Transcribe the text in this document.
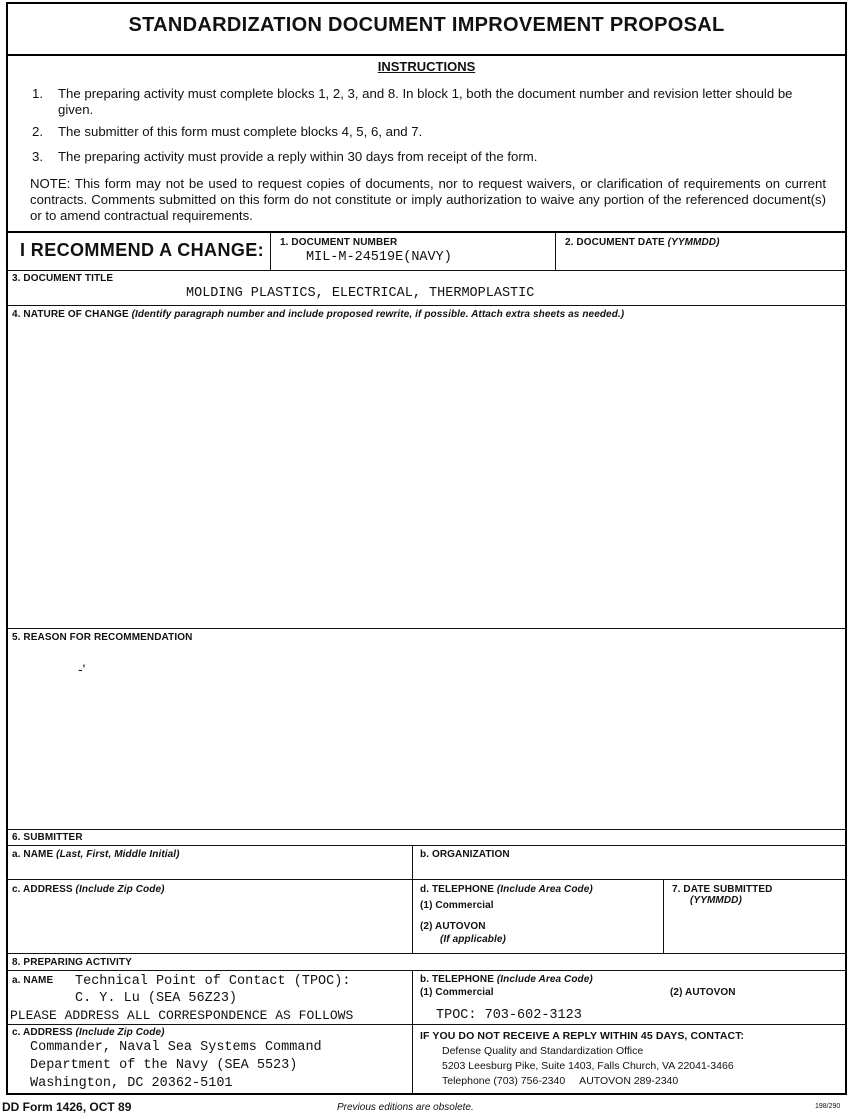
STANDARDIZATION DOCUMENT IMPROVEMENT PROPOSAL
INSTRUCTIONS
1. The preparing activity must complete blocks 1, 2, 3, and 8. In block 1, both the document number and revision letter should be given.
2. The submitter of this form must complete blocks 4, 5, 6, and 7.
3. The preparing activity must provide a reply within 30 days from receipt of the form.
NOTE: This form may not be used to request copies of documents, nor to request waivers, or clarification of requirements on current contracts. Comments submitted on this form do not constitute or imply authorization to waive any portion of the referenced document(s) or to amend contractual requirements.
I RECOMMEND A CHANGE: 1. DOCUMENT NUMBER
MIL-M-24519E(NAVY)
2. DOCUMENT DATE (YYMMDD)
3. DOCUMENT TITLE
MOLDING PLASTICS, ELECTRICAL, THERMOPLASTIC
4. NATURE OF CHANGE (Identify paragraph number and include proposed rewrite, if possible. Attach extra sheets as needed.)
5. REASON FOR RECOMMENDATION
-'
6. SUBMITTER
a. NAME (Last, First, Middle Initial)	b. ORGANIZATION
c. ADDRESS (Include Zip Code)	d. TELEPHONE (Include Area Code)
(1) Commercial
(2) AUTOVON
(If applicable)
7. DATE SUBMITTED
(YYMMDD)
8. PREPARING ACTIVITY
a. NAME Technical Point of Contact (TPOC):
C. Y. Lu (SEA 56Z23)
PLEASE ADDRESS ALL CORRESPONDENCE AS FOLLOWS
b. TELEPHONE (Include Area Code)
(1) Commercial	(2) AUTOVON
TPOC: 703-602-3123
c. ADDRESS (Include Zip Code)
Commander, Naval Sea Systems Command
Department of the Navy (SEA 5523)
Washington, DC 20362-5101
IF YOU DO NOT RECEIVE A REPLY WITHIN 45 DAYS, CONTACT:
Defense Quality and Standardization Office
5203 Leesburg Pike, Suite 1403, Falls Church, VA 22041-3466
Telephone (703) 756-2340     AUTOVON 289-2340
DD Form 1426, OCT 89	Previous editions are obsolete.	198/290
